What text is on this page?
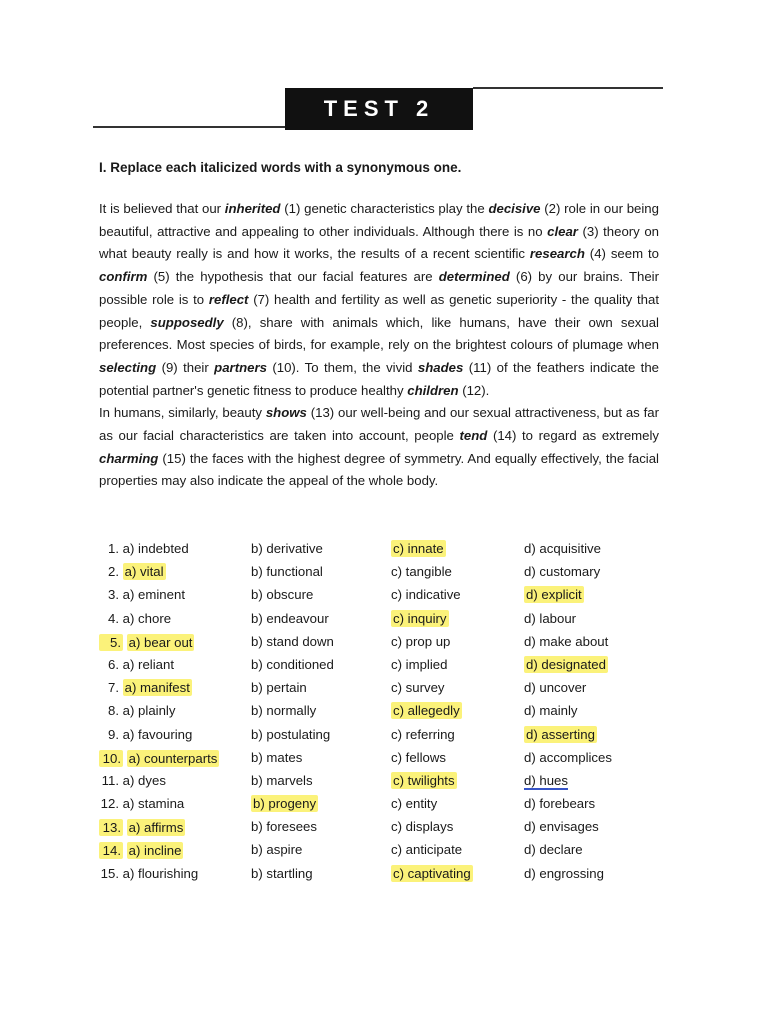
TEST 2
I. Replace each italicized words with a synonymous one.

It is believed that our inherited (1) genetic characteristics play the decisive (2) role in our being beautiful, attractive and appealing to other individuals. Although there is no clear (3) theory on what beauty really is and how it works, the results of a recent scientific research (4) seem to confirm (5) the hypothesis that our facial features are determined (6) by our brains. Their possible role is to reflect (7) health and fertility as well as genetic superiority - the quality that people, supposedly (8), share with animals which, like humans, have their own sexual preferences. Most species of birds, for example, rely on the brightest colours of plumage when selecting (9) their partners (10). To them, the vivid shades (11) of the feathers indicate the potential partner's genetic fitness to produce healthy children (12).

In humans, similarly, beauty shows (13) our well-being and our sexual attractiveness, but as far as our facial characteristics are taken into account, people tend (14) to regard as extremely charming (15) the faces with the highest degree of symmetry. And equally effectively, the facial properties may also indicate the appeal of the whole body.

1. a) indebted	b) derivative	c) innate	d) acquisitive
2. a) vital	b) functional	c) tangible	d) customary
3. a) eminent	b) obscure	c) indicative	d) explicit
4. a) chore	b) endeavour	c) inquiry	d) labour
5. a) bear out	b) stand down	c) prop up	d) make about
6. a) reliant	b) conditioned	c) implied	d) designated
7. a) manifest	b) pertain	c) survey	d) uncover
8. a) plainly	b) normally	c) allegedly	d) mainly
9. a) favouring	b) postulating	c) referring	d) asserting
10. a) counterparts	b) mates	c) fellows	d) accomplices
11. a) dyes	b) marvels	c) twilights	d) hues
12. a) stamina	b) progeny	c) entity	d) forebears
13. a) affirms	b) foresees	c) displays	d) envisages
14. a) incline	b) aspire	c) anticipate	d) declare
15. a) flourishing	b) startling	c) captivating	d) engrossing
